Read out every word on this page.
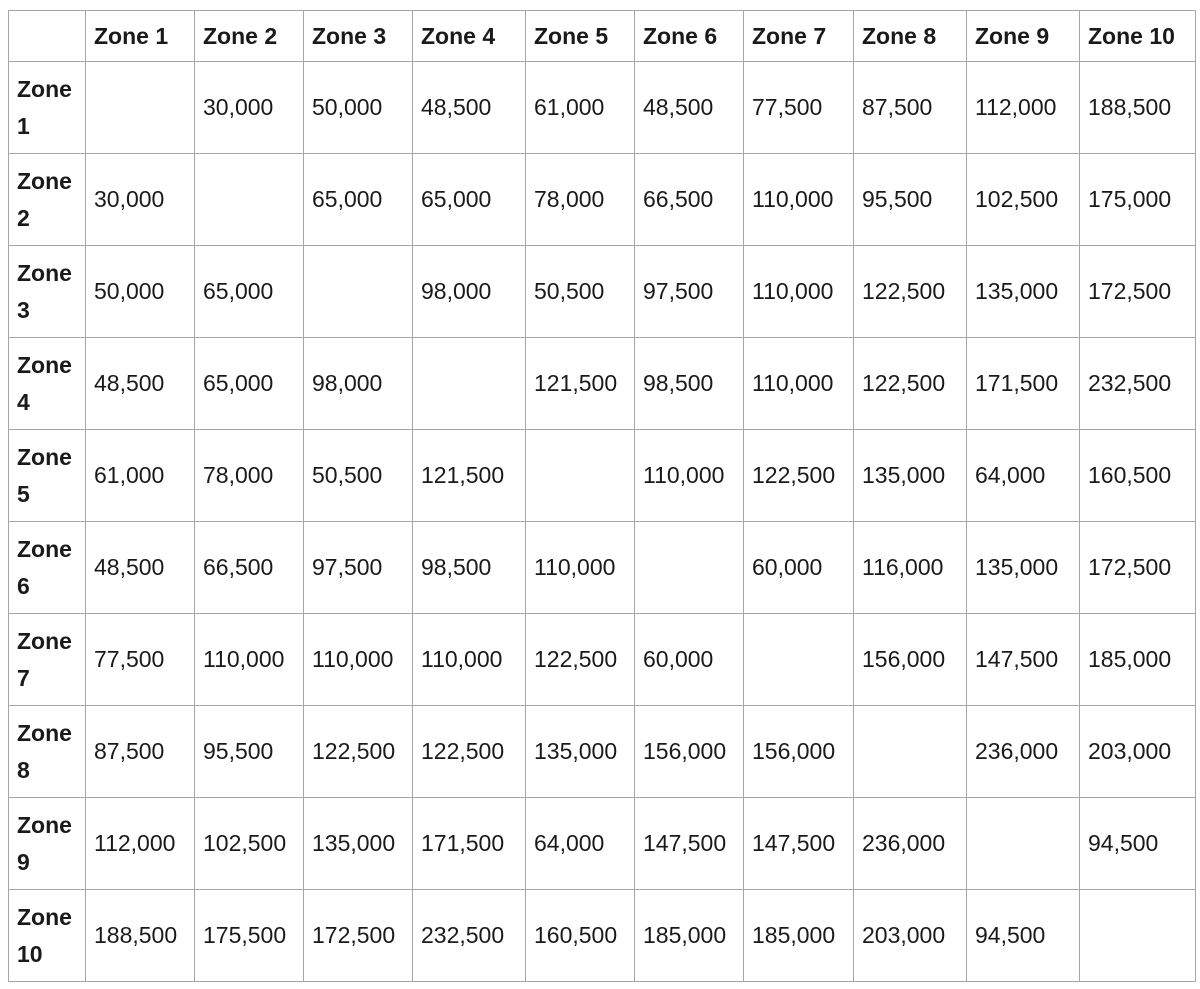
	Zone 1	Zone 2	Zone 3	Zone 4	Zone 5	Zone 6	Zone 7	Zone 8	Zone 9	Zone 10
Zone 1		30,000	50,000	48,500	61,000	48,500	77,500	87,500	112,000	188,500
Zone 2	30,000		65,000	65,000	78,000	66,500	110,000	95,500	102,500	175,000
Zone 3	50,000	65,000		98,000	50,500	97,500	110,000	122,500	135,000	172,500
Zone 4	48,500	65,000	98,000		121,500	98,500	110,000	122,500	171,500	232,500
Zone 5	61,000	78,000	50,500	121,500		110,000	122,500	135,000	64,000	160,500
Zone 6	48,500	66,500	97,500	98,500	110,000		60,000	116,000	135,000	172,500
Zone 7	77,500	110,000	110,000	110,000	122,500	60,000		156,000	147,500	185,000
Zone 8	87,500	95,500	122,500	122,500	135,000	156,000	156,000		236,000	203,000
Zone 9	112,000	102,500	135,000	171,500	64,000	147,500	147,500	236,000		94,500
Zone 10	188,500	175,500	172,500	232,500	160,500	185,000	185,000	203,000	94,500	
